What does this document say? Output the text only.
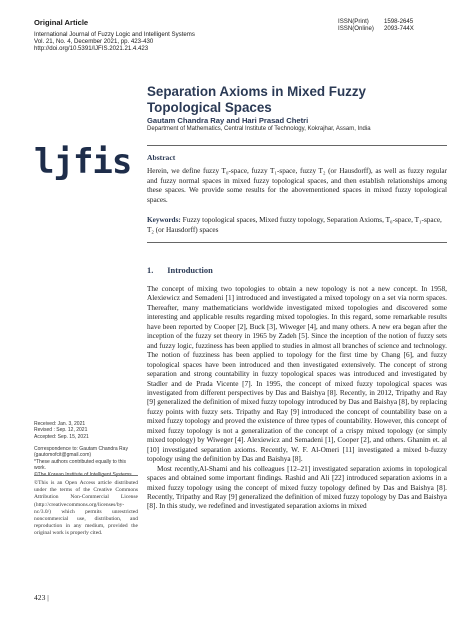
Original Article
International Journal of Fuzzy Logic and Intelligent Systems
Vol. 21, No. 4, December 2021, pp. 423-430
http://doi.org/10.5391/IJFIS.2021.21.4.423
ISSN(Print)	1598-2645
ISSN(Online)	2093-744X
Separation Axioms in Mixed Fuzzy
Topological Spaces
Gautam Chandra Ray and Hari Prasad Chetri
Department of Mathematics, Central Institute of Technology, Kokrajhar, Assam, India
ljfis Abstract
Herein, we define fuzzy T₀-space, fuzzy T₁-space, fuzzy T₂ (or Hausdorff), as well as fuzzy regular and fuzzy normal spaces in mixed fuzzy topological spaces, and then establish relationships among these spaces. We provide some results for the abovementioned spaces in mixed fuzzy topological spaces.
Keywords: Fuzzy topological spaces, Mixed fuzzy topology, Separation Axioms, T₀-space, T₁-space, T₂ (or Hausdorff) spaces
1. Introduction

The concept of mixing two topologies to obtain a new topology is not a new concept. In 1958, Alexiewicz and Semadeni [1] introduced and investigated a mixed topology on a set via norm spaces. Thereafter, many mathematicians worldwide investigated mixed topologies and discovered some interesting and applicable results regarding mixed topologies. In this regard, some remarkable results have been reported by Cooper [2], Buck [3], Wiweger [4], and many others. A new era began after the inception of the fuzzy set theory in 1965 by Zadeh [5]. Since the inception of the notion of fuzzy sets and fuzzy logic, fuzziness has been applied to studies in almost all branches of science and technology. The notion of fuzziness has been applied to topology for the first time by Chang [6], and fuzzy topological spaces have been introduced and then investigated extensively. The concept of strong separation and strong countability in fuzzy topological spaces was introduced and investigated by Stadler and de Prada Vicente [7]. In 1995, the concept of mixed fuzzy topological spaces was investigated from different perspectives by Das and Baishya [8]. Recently, in 2012, Tripathy and Ray [9] generalized the definition of mixed fuzzy topology introduced by Das and Baishya [8], by replacing fuzzy points with fuzzy sets. Tripathy and Ray [9] introduced the concept of countability base on a mixed fuzzy topology and proved the existence of three types of countability. However, this concept of mixed fuzzy topology is not a generalization of the concept of a crispy mixed topology (or simply mixed topology) by Wiweger [4]. Alexiewicz and Semadeni [1], Cooper [2], and others. Ghanim et. al [10] investigated separation axioms. Recently, W. F. Al-Omeri [11] investigated a mixed b-fuzzy topology using the definition by Das and Baishya [8].

Most recently,Al-Shami and his colleagues [12–21] investigated separation axioms in topological spaces and obtained some important findings. Rashid and Ali [22] introduced separation axioms in a mixed fuzzy topology using the concept of mixed fuzzy topology defined by Das and Baishya [8]. Recently, Tripathy and Ray [9] generalized the definition of mixed fuzzy topology by Das and Baishya [8]. In this study, we redefined and investigated separation axioms in mixed

Received: Jan. 3, 2021
Revised : Sep. 12, 2021
Accepted: Sep. 15, 2021
Correspondence to: Gautam Chandra Ray
(gautomofcit@gmail.com)
*These authors contributed equally to this work.
©The Korean Institute of Intelligent Systems
©This is an Open Access article distributed under the terms of the Creative Commons Attribution Non-Commercial License (http://creativecommons.org/licenses/by-nc/3.0/) which permits unrestricted noncommercial use, distribution, and reproduction in any medium, provided the original work is properly cited.
423 |
